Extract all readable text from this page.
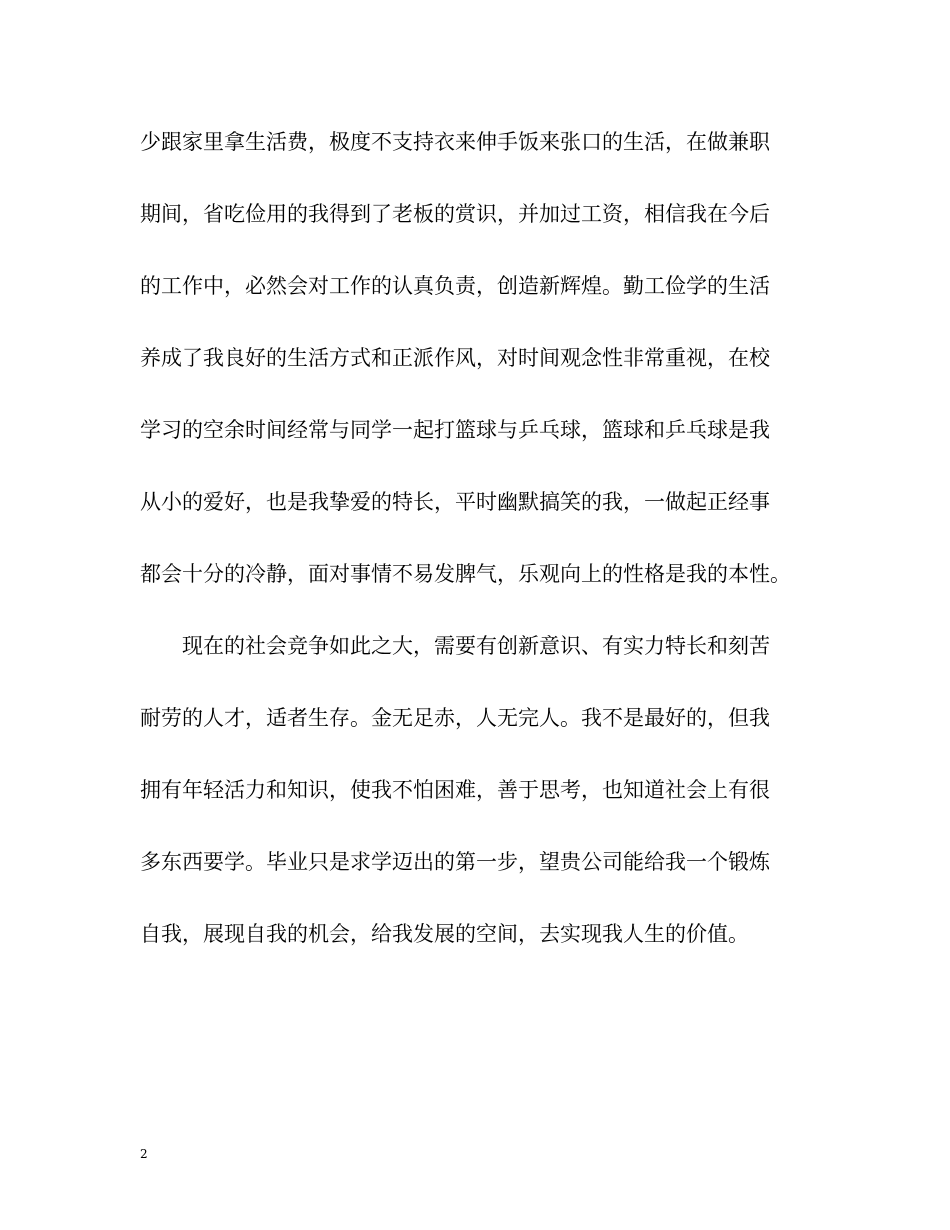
少跟家里拿生活费，极度不支持衣来伸手饭来张口的生活，在做兼职
期间，省吃俭用的我得到了老板的赏识，并加过工资，相信我在今后
的工作中，必然会对工作的认真负责，创造新辉煌。勤工俭学的生活
养成了我良好的生活方式和正派作风，对时间观念性非常重视，在校
学习的空余时间经常与同学一起打篮球与乒乓球，篮球和乒乓球是我
从小的爱好，也是我挚爱的特长，平时幽默搞笑的我，一做起正经事
都会十分的冷静，面对事情不易发脾气，乐观向上的性格是我的本性。
现在的社会竞争如此之大，需要有创新意识、有实力特长和刻苦
耐劳的人才，适者生存。金无足赤，人无完人。我不是最好的，但我
拥有年轻活力和知识，使我不怕困难，善于思考，也知道社会上有很
多东西要学。毕业只是求学迈出的第一步，望贵公司能给我一个锻炼
自我，展现自我的机会，给我发展的空间，去实现我人生的价值。
2
